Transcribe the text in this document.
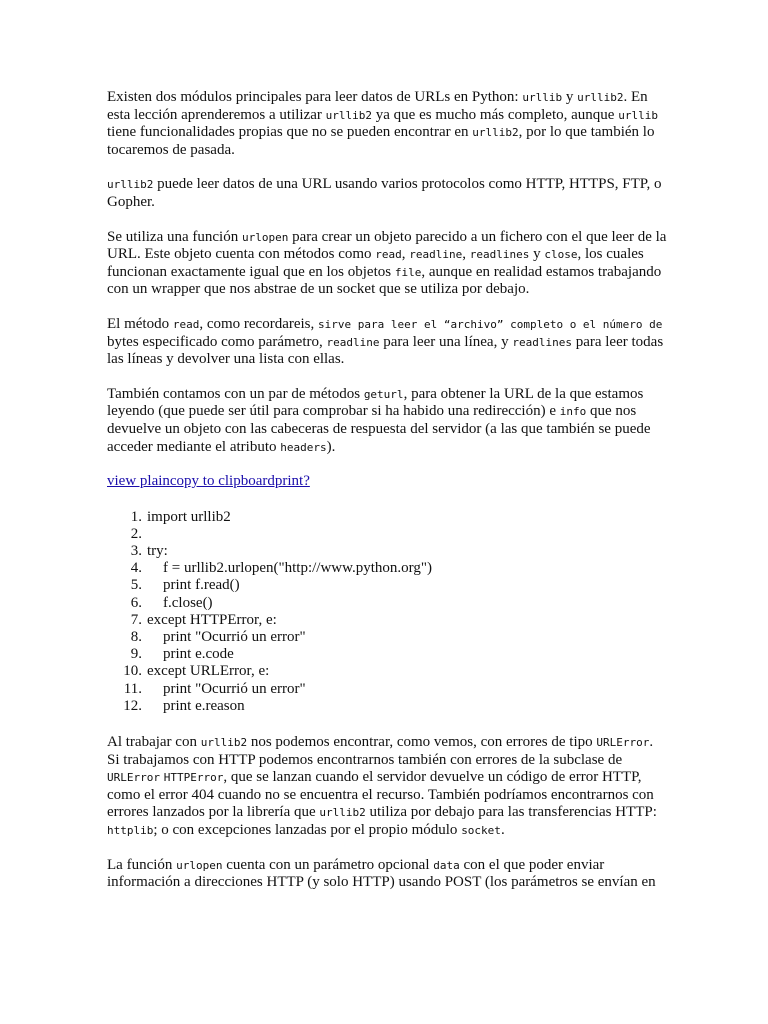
Existen dos módulos principales para leer datos de URLs en Python: urllib y urllib2. En esta lección aprenderemos a utilizar urllib2 ya que es mucho más completo, aunque urllib tiene funcionalidades propias que no se pueden encontrar en urllib2, por lo que también lo tocaremos de pasada.

urllib2 puede leer datos de una URL usando varios protocolos como HTTP, HTTPS, FTP, o Gopher.

Se utiliza una función urlopen para crear un objeto parecido a un fichero con el que leer de la URL. Este objeto cuenta con métodos como read, readline, readlines y close, los cuales funcionan exactamente igual que en los objetos file, aunque en realidad estamos trabajando con un wrapper que nos abstrae de un socket que se utiliza por debajo.

El método read, como recordareis, sirve para leer el “archivo” completo o el número de bytes especificado como parámetro, readline para leer una línea, y readlines para leer todas las líneas y devolver una lista con ellas.

También contamos con un par de métodos geturl, para obtener la URL de la que estamos leyendo (que puede ser útil para comprobar si ha habido una redirección) e info que nos devuelve un objeto con las cabeceras de respuesta del servidor (a las que también se puede acceder mediante el atributo headers).

view plaincopy to clipboardprint?

1. import urllib2
2.
3. try:
4.	f = urllib2.urlopen("http://www.python.org")
5.	print f.read()
6.	f.close()
7. except HTTPError, e:
8.	print "Ocurrió un error"
9.	print e.code
10. except URLError, e:
11.	print "Ocurrió un error"
12.	print e.reason

Al trabajar con urllib2 nos podemos encontrar, como vemos, con errores de tipo URLError. Si trabajamos con HTTP podemos encontrarnos también con errores de la subclase de URLError HTTPError, que se lanzan cuando el servidor devuelve un código de error HTTP, como el error 404 cuando no se encuentra el recurso. También podríamos encontrarnos con errores lanzados por la librería que urllib2 utiliza por debajo para las transferencias HTTP: httplib; o con excepciones lanzadas por el propio módulo socket.

La función urlopen cuenta con un parámetro opcional data con el que poder enviar información a direcciones HTTP (y solo HTTP) usando POST (los parámetros se envían en
